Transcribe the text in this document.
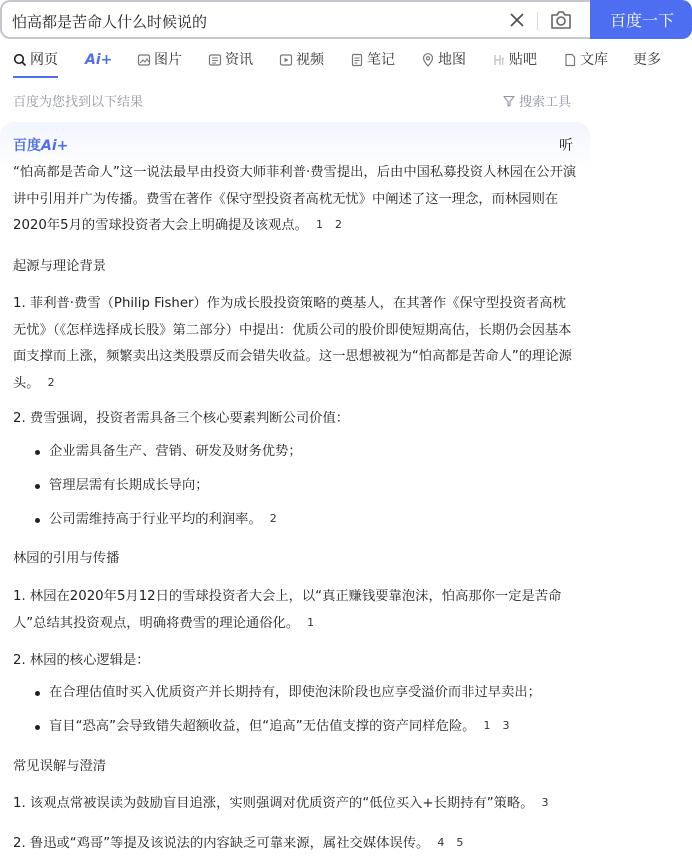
怕高都是苦命人什么时候说的
百度一下
网页 Ai+	图片	资讯	视频	笔记	地图	贴吧	文库 更多
百度为您找到以下结果	搜索工具
百度Ai+	听
“怕高都是苦命人”这一说法最早由投资大师菲利普·费雪提出，后由中国私募投资人林园在公开演讲中引用并广为传播。费雪在著作《保守型投资者高枕无忧》中阐述了这一理念，而林园则在2020年5月的雪球投资者大会上明确提及该观点。 1 2
起源与理论背景
1. 菲利普·费雪（Philip Fisher）作为成长股投资策略的奠基人，在其著作《保守型投资者高枕无忧》（《怎样选择成长股》第二部分）中提出：优质公司的股价即使短期高估，长期仍会因基本面支撑而上涨，频繁卖出这类股票反而会错失收益。这一思想被视为“怕高都是苦命人”的理论源头。 2
2. 费雪强调，投资者需具备三个核心要素判断公司价值：
企业需具备生产、营销、研发及财务优势；
管理层需有长期成长导向；
公司需维持高于行业平均的利润率。 2
林园的引用与传播
1. 林园在2020年5月12日的雪球投资者大会上，以“真正赚钱要靠泡沫，怕高那你一定是苦命人”总结其投资观点，明确将费雪的理论通俗化。 1
2. 林园的核心逻辑是：
在合理估值时买入优质资产并长期持有，即使泡沫阶段也应享受溢价而非过早卖出；
盲目“恐高”会导致错失超额收益，但“追高”无估值支撑的资产同样危险。 1 3
常见误解与澄清
1. 该观点常被误读为鼓励盲目追涨，实则强调对优质资产的“低位买入+长期持有”策略。 3
2. 鲁迅或“鸡哥”等提及该说法的内容缺乏可靠来源，属社交媒体误传。 4 5
